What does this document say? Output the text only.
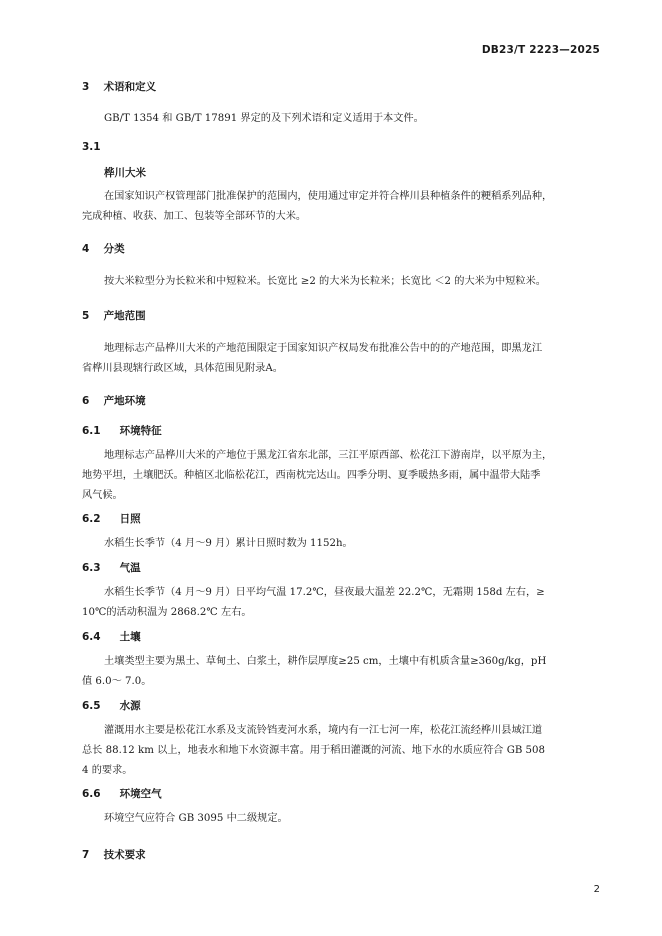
DB23/T 2223—2025
3 术语和定义
GB/T 1354 和 GB/T 17891 界定的及下列术语和定义适用于本文件。
3.1
桦川大米
在国家知识产权管理部门批准保护的范围内，使用通过审定并符合桦川县种植条件的粳稻系列品种，
完成种植、收获、加工、包装等全部环节的大米。
4 分类
按大米粒型分为长粒米和中短粒米。长宽比 ≥2 的大米为长粒米；长宽比 ＜2 的大米为中短粒米。
5 产地范围
地理标志产品桦川大米的产地范围限定于国家知识产权局发布批准公告中的的产地范围，即黑龙江
省桦川县现辖行政区域，具体范围见附录A。
6 产地环境
6.1 环境特征
地理标志产品桦川大米的产地位于黑龙江省东北部，三江平原西部、松花江下游南岸，以平原为主，
地势平坦，土壤肥沃。种植区北临松花江，西南枕完达山。四季分明、夏季暖热多雨，属中温带大陆季
风气候。
6.2 日照
水稻生长季节（4 月～9 月）累计日照时数为 1152h。
6.3 气温
水稻生长季节（4 月～9 月）日平均气温 17.2℃，昼夜最大温差 22.2℃，无霜期 158d 左右，≥
10℃的活动积温为 2868.2℃ 左右。
6.4 土壤
土壤类型主要为黑土、草甸土、白浆土，耕作层厚度≥25 cm，土壤中有机质含量≥360g/kg，pH
值 6.0～ 7.0。
6.5 水源
灌溉用水主要是松花江水系及支流铃铛麦河水系，境内有一江七河一库，松花江流经桦川县域江道
总长 88.12 km 以上，地表水和地下水资源丰富。用于稻田灌溉的河流、地下水的水质应符合 GB 508
4 的要求。
6.6 环境空气
环境空气应符合 GB 3095 中二级规定。
7 技术要求
2
